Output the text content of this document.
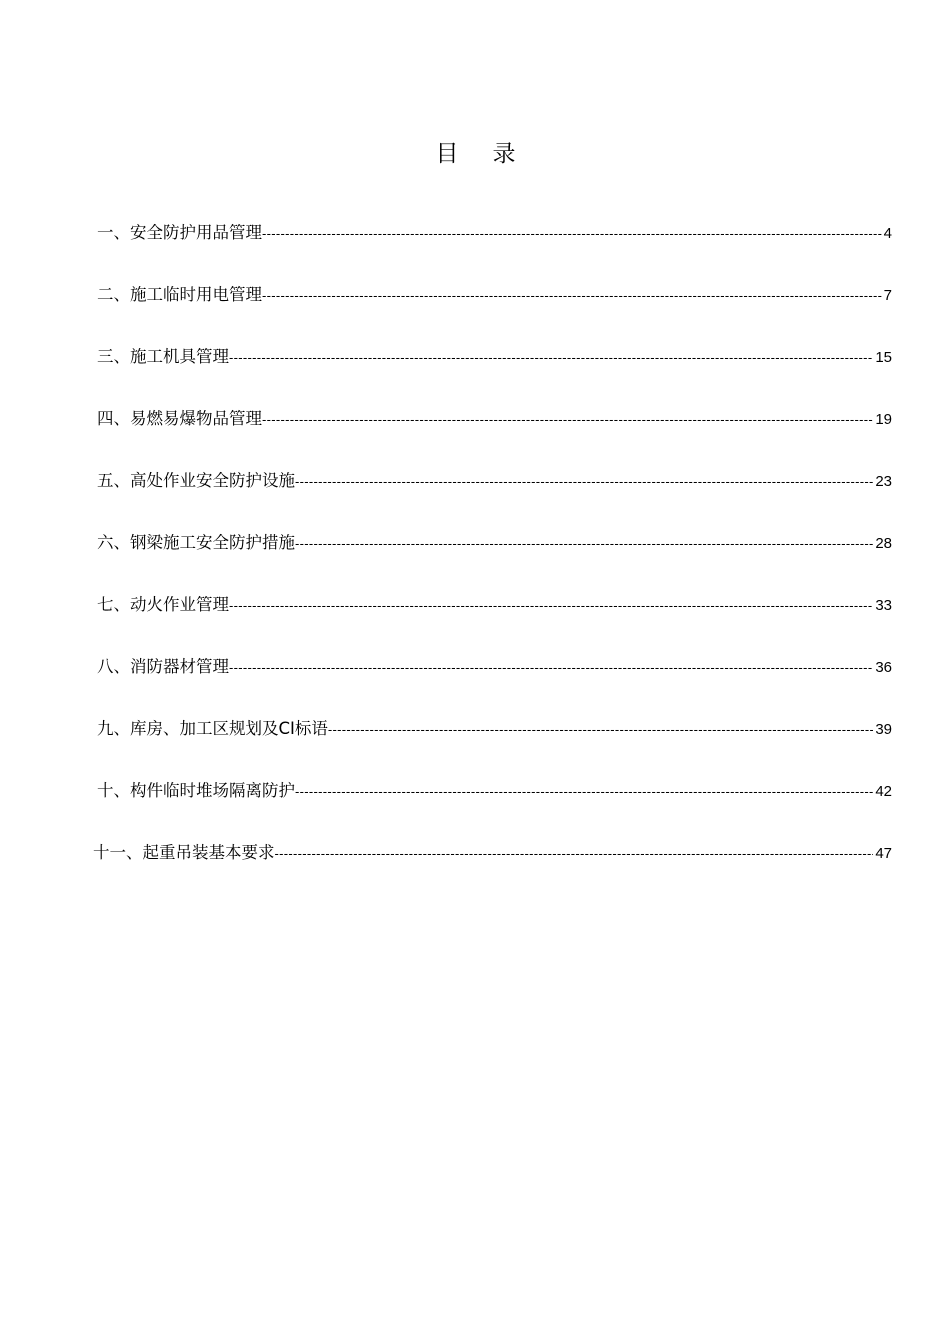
目录
一、安全防护用品管理 -----	4
二、施工临时用电管理 -----	7
三、施工机具管理 -----	15
四、易燃易爆物品管理 -----	19
五、高处作业安全防护设施 -----	23
六、钢梁施工安全防护措施 -----	28
七、动火作业管理 -----	33
八、消防器材管理 -----	36
九、库房、加工区规划及CI标语 -----	39
十、构件临时堆场隔离防护 -----	42
十一、起重吊装基本要求 -----	47
